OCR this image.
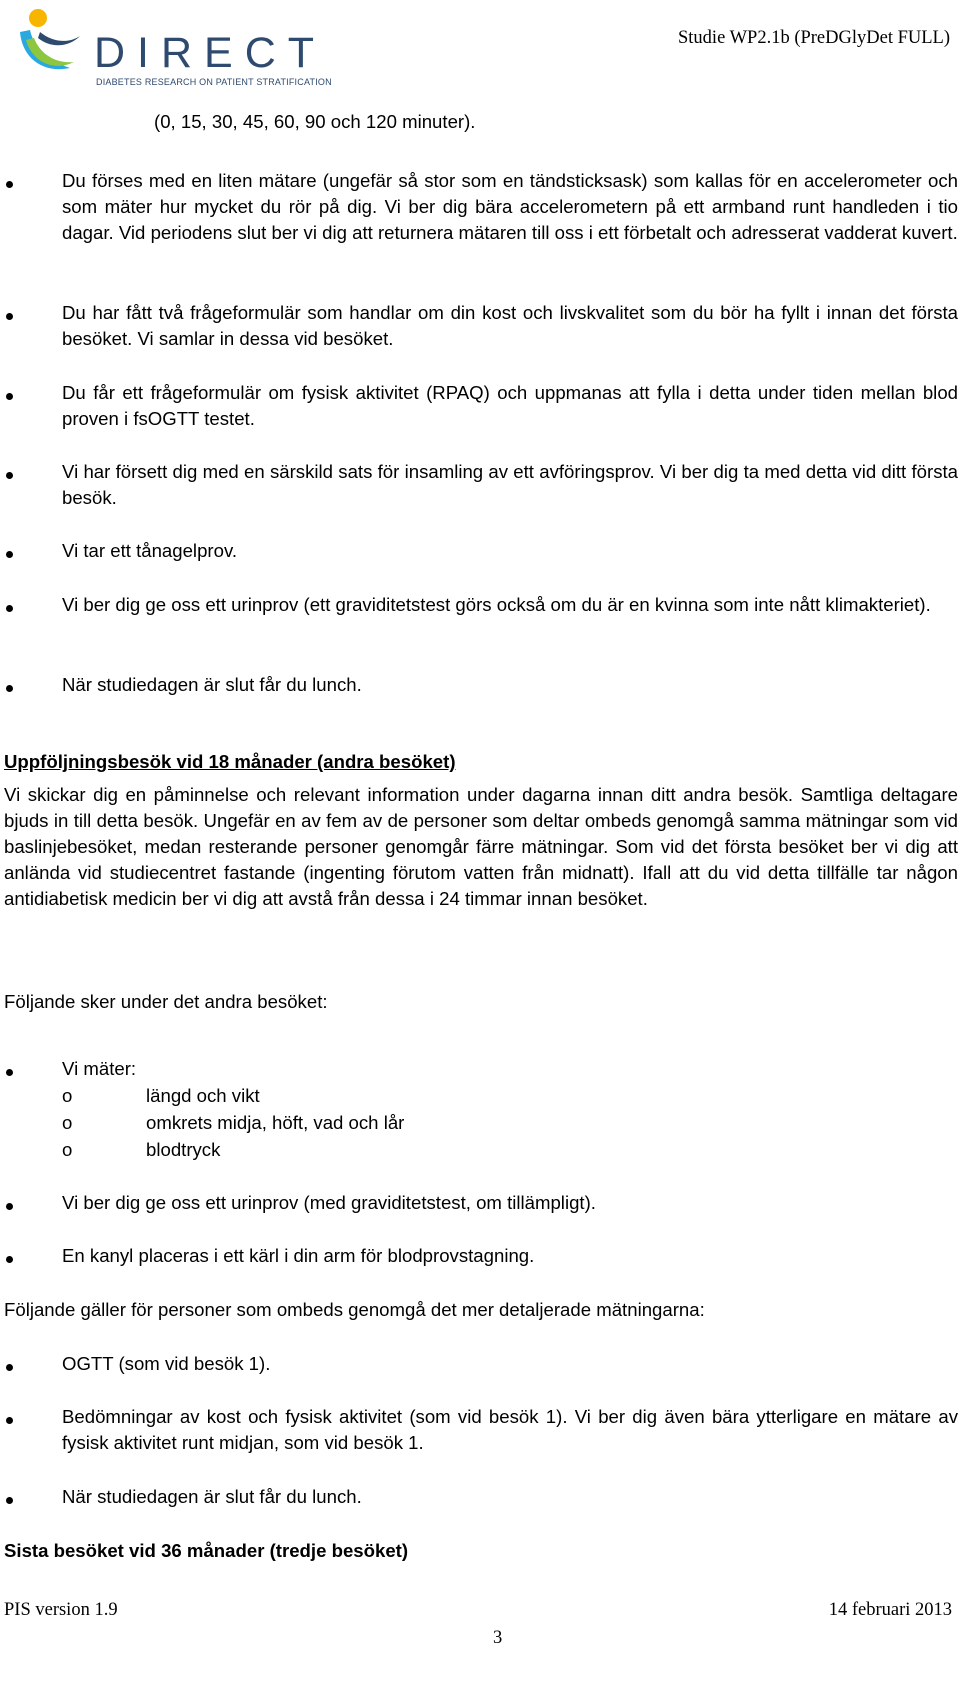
DIRECT
DIABETES RESEARCH ON PATIENT STRATIFICATION
Studie WP2.1b (PreDGlyDet FULL)
(0, 15, 30, 45, 60, 90 och 120 minuter).
Du förses med en liten mätare (ungefär så stor som en tändsticksask) som kallas för en accelerometer och som mäter hur mycket du rör på dig. Vi ber dig bära accelerometern på ett armband runt handleden i tio dagar. Vid periodens slut ber vi dig att returnera mätaren till oss i ett förbetalt och adresserat vadderat kuvert.
Du har fått två frågeformulär som handlar om din kost och livskvalitet som du bör ha fyllt i innan det första besöket. Vi samlar in dessa vid besöket.
Du får ett frågeformulär om fysisk aktivitet (RPAQ) och uppmanas att fylla i detta under tiden mellan blod proven i fsOGTT testet.
Vi har försett dig med en särskild sats för insamling av ett avföringsprov. Vi ber dig ta med detta vid ditt första besök.
Vi tar ett tånagelprov.
Vi ber dig ge oss ett urinprov (ett graviditetstest görs också om du är en kvinna som inte nått klimakteriet).
När studiedagen är slut får du lunch.
Uppföljningsbesök vid 18 månader (andra besöket)
Vi skickar dig en påminnelse och relevant information under dagarna innan ditt andra besök. Samtliga deltagare bjuds in till detta besök. Ungefär en av fem av de personer som deltar ombeds genomgå samma mätningar som vid baslinjebesöket, medan resterande personer genomgår färre mätningar. Som vid det första besöket ber vi dig att anlända vid studiecentret fastande (ingenting förutom vatten från midnatt). Ifall att du vid detta tillfälle tar någon antidiabetisk medicin ber vi dig att avstå från dessa i 24 timmar innan besöket.
Följande sker under det andra besöket:
Vi mäter:
o	längd och vikt
o	omkrets midja, höft, vad och lår
o	blodtryck
Vi ber dig ge oss ett urinprov (med graviditetstest, om tillämpligt).
En kanyl placeras i ett kärl i din arm för blodprovstagning.
Följande gäller för personer som ombeds genomgå det mer detaljerade mätningarna:
OGTT (som vid besök 1).
Bedömningar av kost och fysisk aktivitet (som vid besök 1). Vi ber dig även bära ytterligare en mätare av fysisk aktivitet runt midjan, som vid besök 1.
När studiedagen är slut får du lunch.
Sista besöket vid 36 månader (tredje besöket)
PIS version 1.9	14 februari 2013
3
